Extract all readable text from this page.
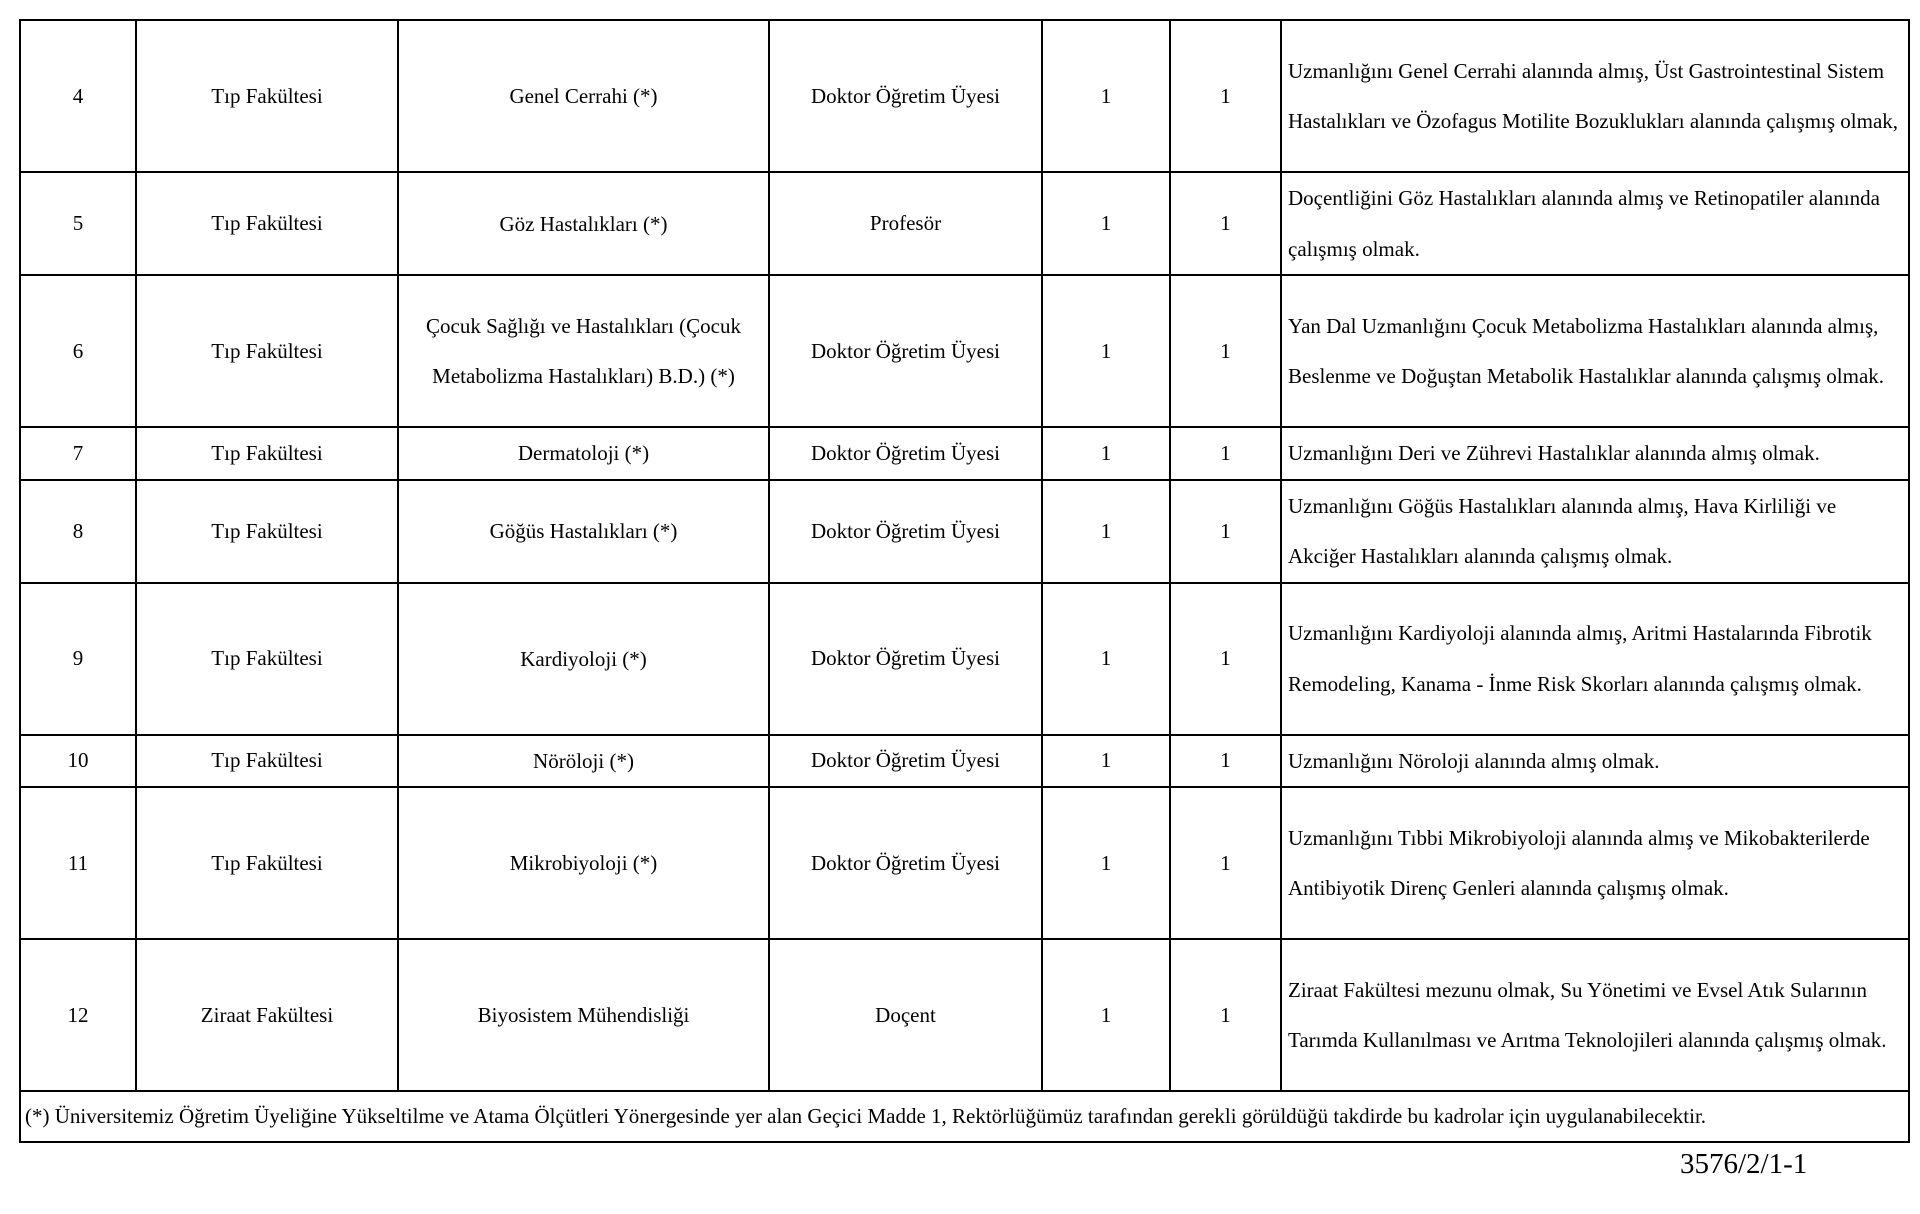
4	Tıp Fakültesi	Genel Cerrahi (*)	Doktor Öğretim Üyesi	1	1	Uzmanlığını Genel Cerrahi alanında almış, Üst Gastrointestinal Sistem Hastalıkları ve Özofagus Motilite Bozuklukları alanında çalışmış olmak,
5	Tıp Fakültesi	Göz Hastalıkları (*)	Profesör	1	1	Doçentliğini Göz Hastalıkları alanında almış ve Retinopatiler alanında çalışmış olmak.
6	Tıp Fakültesi	Çocuk Sağlığı ve Hastalıkları (Çocuk Metabolizma Hastalıkları) B.D.) (*)	Doktor Öğretim Üyesi	1	1	Yan Dal Uzmanlığını Çocuk Metabolizma Hastalıkları alanında almış, Beslenme ve Doğuştan Metabolik Hastalıklar alanında çalışmış olmak.
7	Tıp Fakültesi	Dermatoloji (*)	Doktor Öğretim Üyesi	1	1	Uzmanlığını Deri ve Zührevi Hastalıklar alanında almış olmak.
8	Tıp Fakültesi	Göğüs Hastalıkları (*)	Doktor Öğretim Üyesi	1	1	Uzmanlığını Göğüs Hastalıkları alanında almış, Hava Kirliliği ve Akciğer Hastalıkları alanında çalışmış olmak.
9	Tıp Fakültesi	Kardiyoloji (*)	Doktor Öğretim Üyesi	1	1	Uzmanlığını Kardiyoloji alanında almış, Aritmi Hastalarında Fibrotik Remodeling, Kanama - İnme Risk Skorları alanında çalışmış olmak.
10	Tıp Fakültesi	Nöröloji (*)	Doktor Öğretim Üyesi	1	1	Uzmanlığını Nöroloji alanında almış olmak.
11	Tıp Fakültesi	Mikrobiyoloji (*)	Doktor Öğretim Üyesi	1	1	Uzmanlığını Tıbbi Mikrobiyoloji alanında almış ve Mikobakterilerde Antibiyotik Direnç Genleri alanında çalışmış olmak.
12	Ziraat Fakültesi	Biyosistem Mühendisliği	Doçent	1	1	Ziraat Fakültesi mezunu olmak, Su Yönetimi ve Evsel Atık Sularının Tarımda Kullanılması ve Arıtma Teknolojileri alanında çalışmış olmak.
(*) Üniversitemiz Öğretim Üyeliğine Yükseltilme ve Atama Ölçütleri Yönergesinde yer alan Geçici Madde 1, Rektörlüğümüz tarafından gerekli görüldüğü takdirde bu kadrolar için uygulanabilecektir.						
3576/2/1-1
